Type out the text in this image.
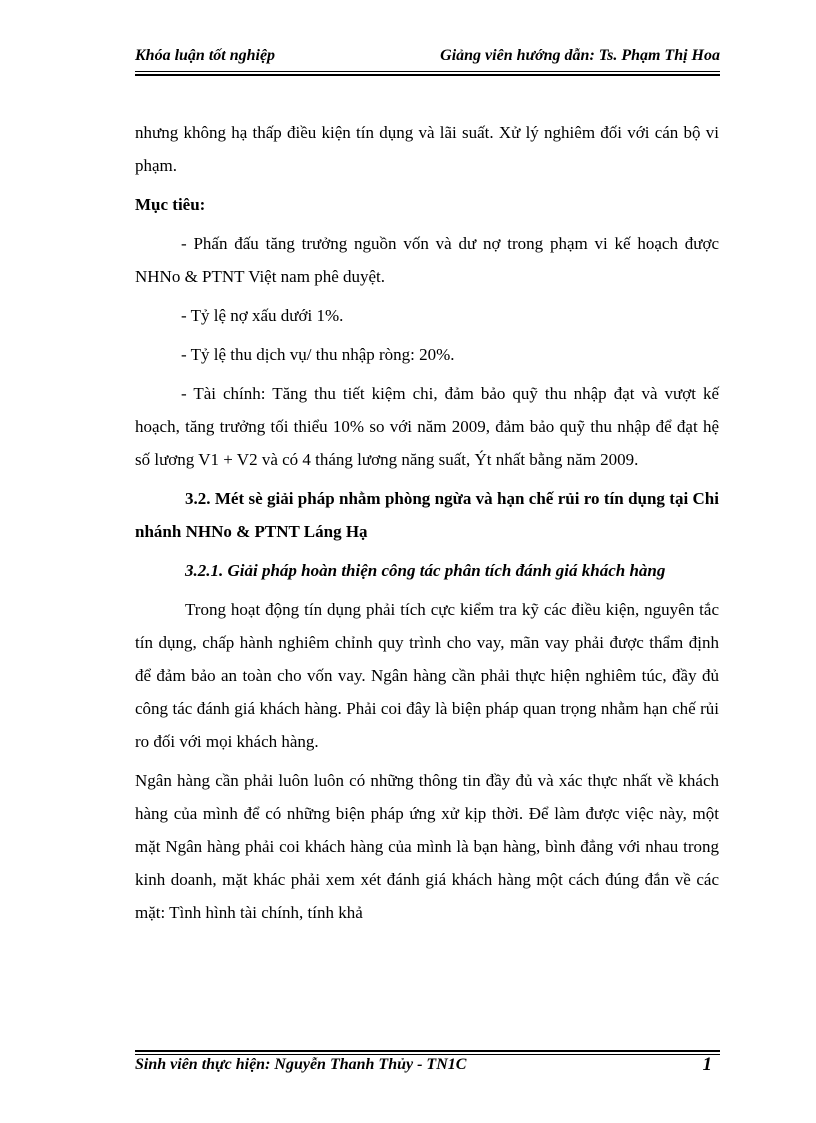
Khóa luận tốt nghiệp	Giảng viên hướng dẫn: Ts. Phạm Thị Hoa

nhưng không hạ thấp điều kiện tín dụng và lãi suất. Xử lý nghiêm đối với cán bộ vi phạm.

Mục tiêu:

- Phấn đấu tăng trưởng nguồn vốn và dư nợ trong phạm vi kế hoạch được NHNo & PTNT Việt nam phê duyệt.

- Tỷ lệ nợ xấu dưới 1%.

- Tỷ lệ thu dịch vụ/ thu nhập ròng: 20%.

- Tài chính: Tăng thu tiết kiệm chi, đảm bảo quỹ thu nhập đạt và vượt kế hoạch, tăng trưởng tối thiểu 10% so với năm 2009, đảm bảo quỹ thu nhập để đạt hệ số lương V1 + V2 và có 4 tháng lương năng suất, Ýt nhất bằng năm 2009.

3.2. Mét sè giải pháp nhằm phòng ngừa và hạn chế rủi ro tín dụng tại Chi nhánh NHNo & PTNT Láng Hạ

3.2.1. Giải pháp hoàn thiện công tác phân tích đánh giá khách hàng

Trong hoạt động tín dụng phải tích cực kiểm tra kỹ các điều kiện, nguyên tắc tín dụng, chấp hành nghiêm chỉnh quy trình cho vay, mãn vay phải được thẩm định để đảm bảo an toàn cho vốn vay. Ngân hàng cần phải thực hiện nghiêm túc, đầy đủ công tác đánh giá khách hàng. Phải coi đây là biện pháp quan trọng nhằm hạn chế rủi ro đối với mọi khách hàng.

Ngân hàng cần phải luôn luôn có những thông tin đầy đủ và xác thực nhất về khách hàng của mình để có những biện pháp ứng xử kịp thời. Để làm được việc này, một mặt Ngân hàng phải coi khách hàng của mình là bạn hàng, bình đẳng với nhau trong kinh doanh, mặt khác phải xem xét đánh giá khách hàng một cách đúng đắn về các mặt: Tình hình tài chính, tính khả

Sinh viên thực hiện: Nguyễn Thanh Thủy - TN1C	1
